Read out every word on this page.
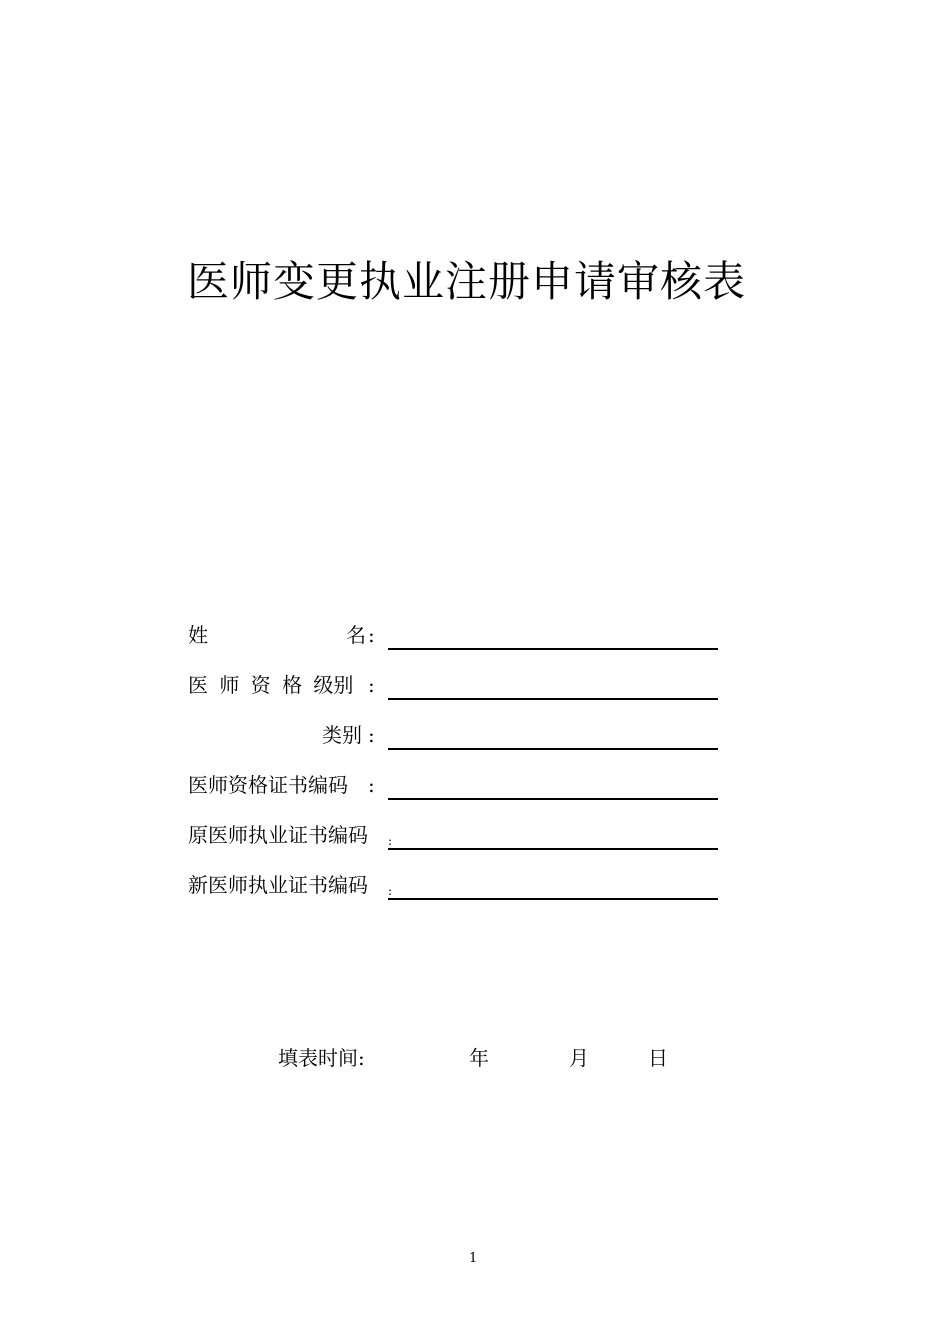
医师变更执业注册申请审核表
姓	名 :
医 师 资 格 级别 :
类别 :
医师资格证书编码 :
原医师执业证书编码 :
新医师执业证书编码 :
填表时间:	年	月	日
1
